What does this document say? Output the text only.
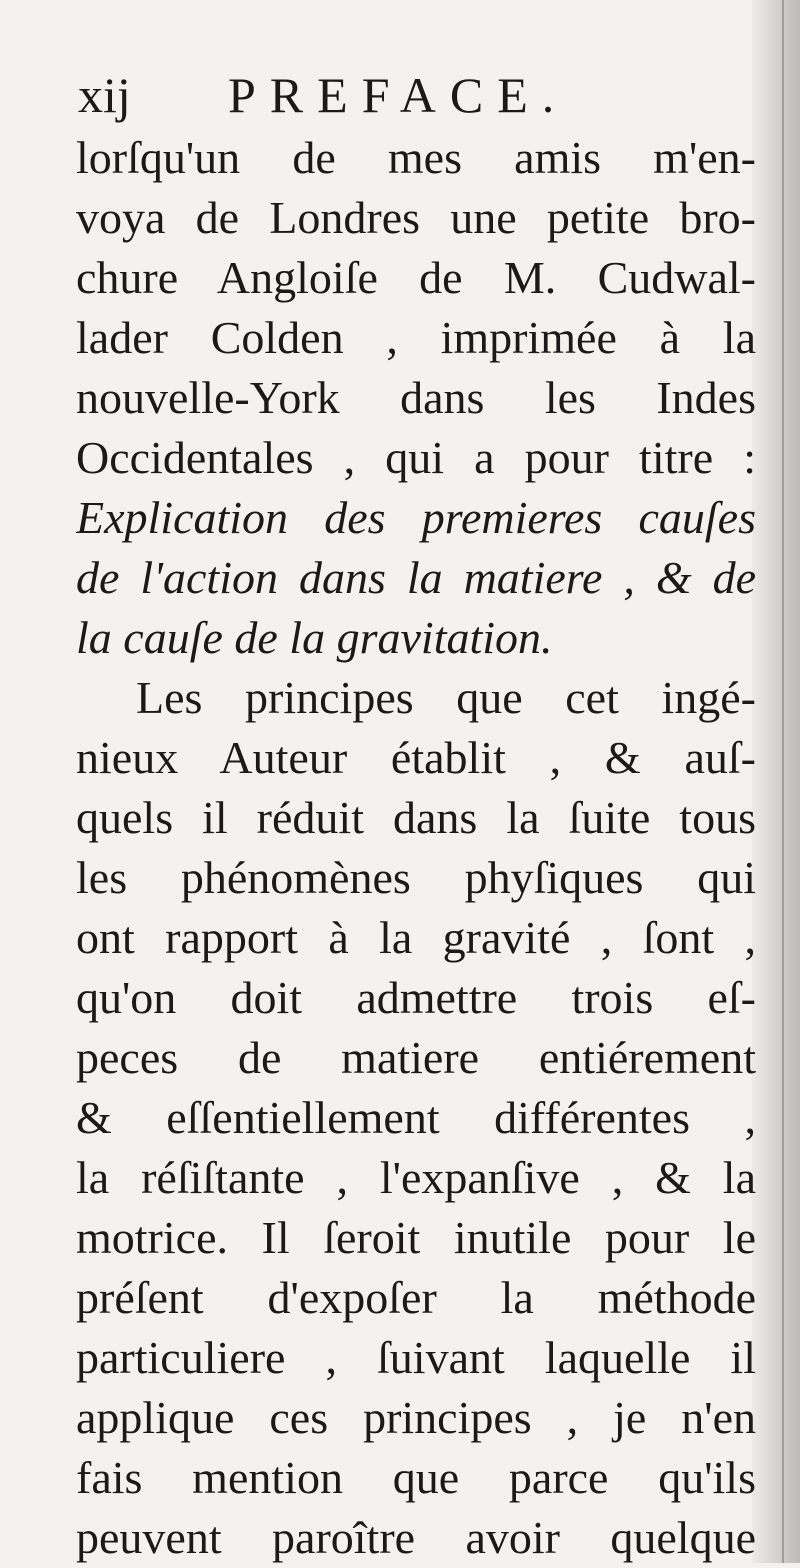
xij PREFACE.
lorſqu'un de mes amis m'en-
voya de Londres une petite bro-
chure Angloiſe de M. Cudwal-
lader Colden , imprimée à la
nouvelle-York dans les Indes
Occidentales , qui a pour titre :
Explication des premieres cauſes
de l'action dans la matiere , & de
la cauſe de la gravitation.
Les principes que cet ingé-
nieux Auteur établit , & auſ-
quels il réduit dans la ſuite tous
les phénomènes phyſiques qui
ont rapport à la gravité , ſont ,
qu'on doit admettre trois eſ-
peces de matiere entiérement
& eſſentiellement différentes ,
la réſiſtante , l'expanſive , & la
motrice. Il ſeroit inutile pour le
préſent d'expoſer la méthode
particuliere , ſuivant laquelle il
applique ces principes , je n'en
fais mention que parce qu'ils
peuvent paroître avoir quelque
